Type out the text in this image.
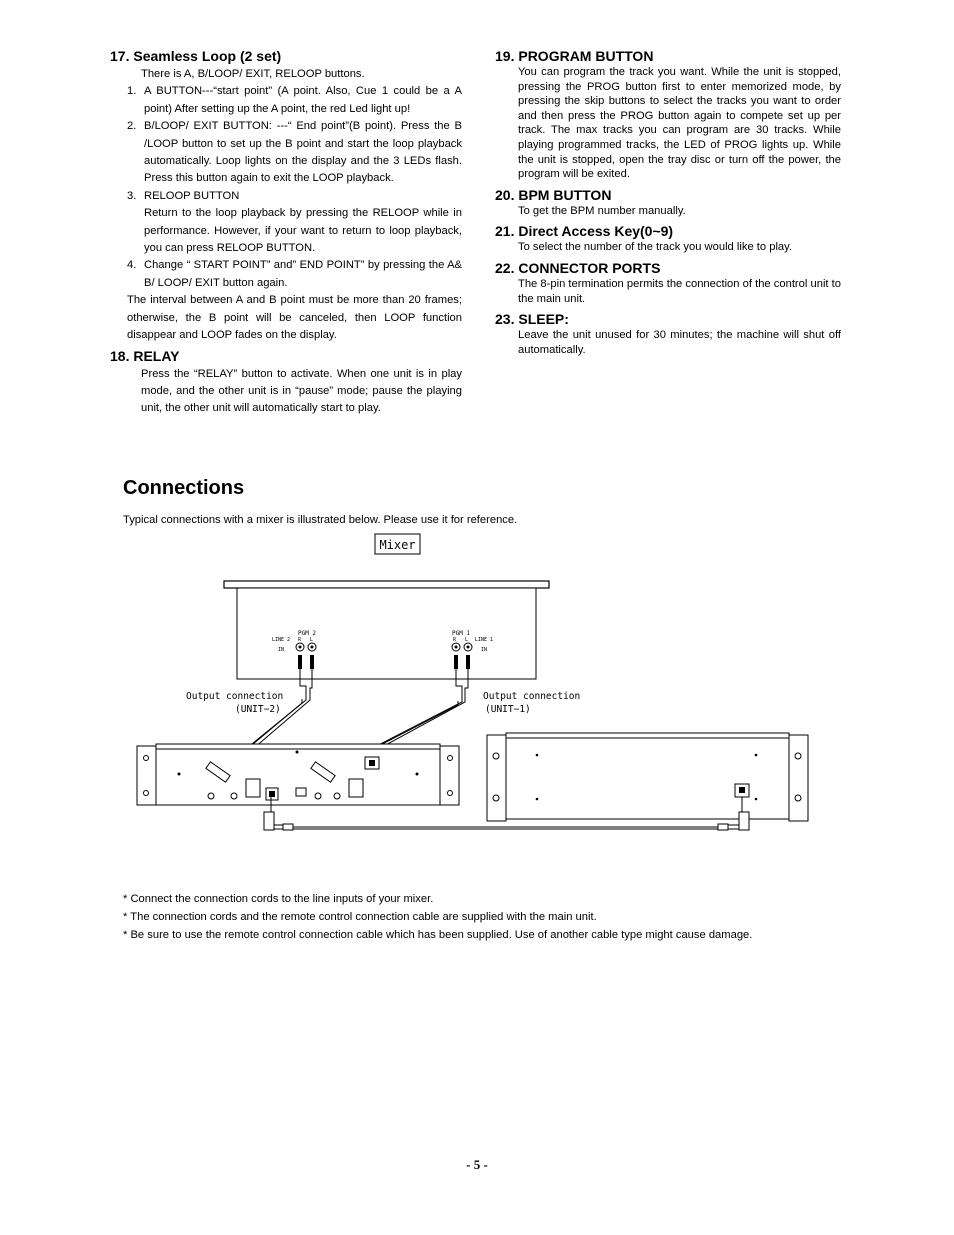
17. Seamless Loop (2 set)

There is A, B/LOOP/ EXIT, RELOOP buttons.

1. A BUTTON---“start point” (A point. Also, Cue 1 could be a A point) After setting up the A point, the red Led light up!

2. B/LOOP/ EXIT BUTTON: ---“ End point”(B point). Press the B /LOOP button to set up the B point and start the loop playback automatically. Loop lights on the display and the 3 LEDs flash. Press this button again to exit the LOOP playback.

3. RELOOP BUTTON

Return to the loop playback by pressing the RELOOP while in performance. However, if your want to return to loop playback, you can press RELOOP BUTTON.

4. Change “ START POINT” and” END POINT” by pressing the A& B/ LOOP/ EXIT button again.

The interval between A and B point must be more than 20 frames; otherwise, the B point will be canceled, then LOOP function disappear and LOOP fades on the display.

18. RELAY

Press the “RELAY” button to activate. When one unit is in play mode, and the other unit is in “pause” mode; pause the playing unit, the other unit will automatically start to play.

19. PROGRAM BUTTON

You can program the track you want. While the unit is stopped, pressing the PROG button first to enter memorized mode, by pressing the skip buttons to select the tracks you want to order and then press the PROG button again to compete set up per track. The max tracks you can program are 30 tracks. While playing programmed tracks, the LED of PROG lights up. While the unit is stopped, open the tray disc or turn off the power, the program will be exited.

20. BPM BUTTON

To get the BPM number manually.

21. Direct Access Key(0~9)

To select the number of the track you would like to play.

22. CONNECTOR PORTS

The 8-pin termination permits the connection of the control unit to the main unit.

23. SLEEP:

Leave the unit unused for 30 minutes; the machine will shut off automatically.

Connections

Typical connections with a mixer is illustrated below. Please use it for reference.

Mixer
PGM 2
LINE 2 R L
IN
PGM 1
LINE 1
R L
IN
Output connection
(UNIT−2)
Output connection
(UNIT−1)

* Connect the connection cords to the line inputs of your mixer.

* The connection cords and the remote control connection cable are supplied with the main unit.

* Be sure to use the remote control connection cable which has been supplied. Use of another cable type might cause damage.

- 5 -
